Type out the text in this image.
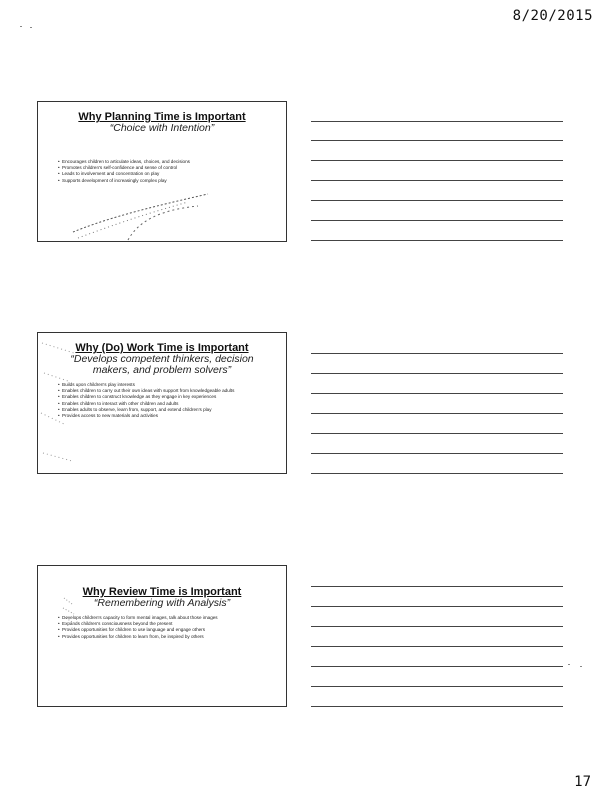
8/20/2015
Why Planning Time is Important
“Choice with Intention”
• Encourages children to articulate ideas, choices, and decisions
• Promotes children's self-confidence and sense of control
• Leads to involvement and concentration on play
• Supports development of increasingly complex play
Why (Do) Work Time is Important
“Develops competent thinkers, decision makers, and problem solvers”
• Builds upon children's play interests
• Enables children to carry out their own ideas with support from knowledgeable adults
• Enables children to construct knowledge as they engage in key experiences
• Enables children to interact with other children and adults
• Enables adults to observe, learn from, support, and extend children's play
• Provides access to new materials and activities
Why Review Time is Important
“Remembering with Analysis”
• Develops children's capacity to form mental images, talk about those images
• Expands children's consciousness beyond the present
• Provides opportunities for children to use language and engage others
• Provides opportunities for children to learn from, be inspired by others
17
